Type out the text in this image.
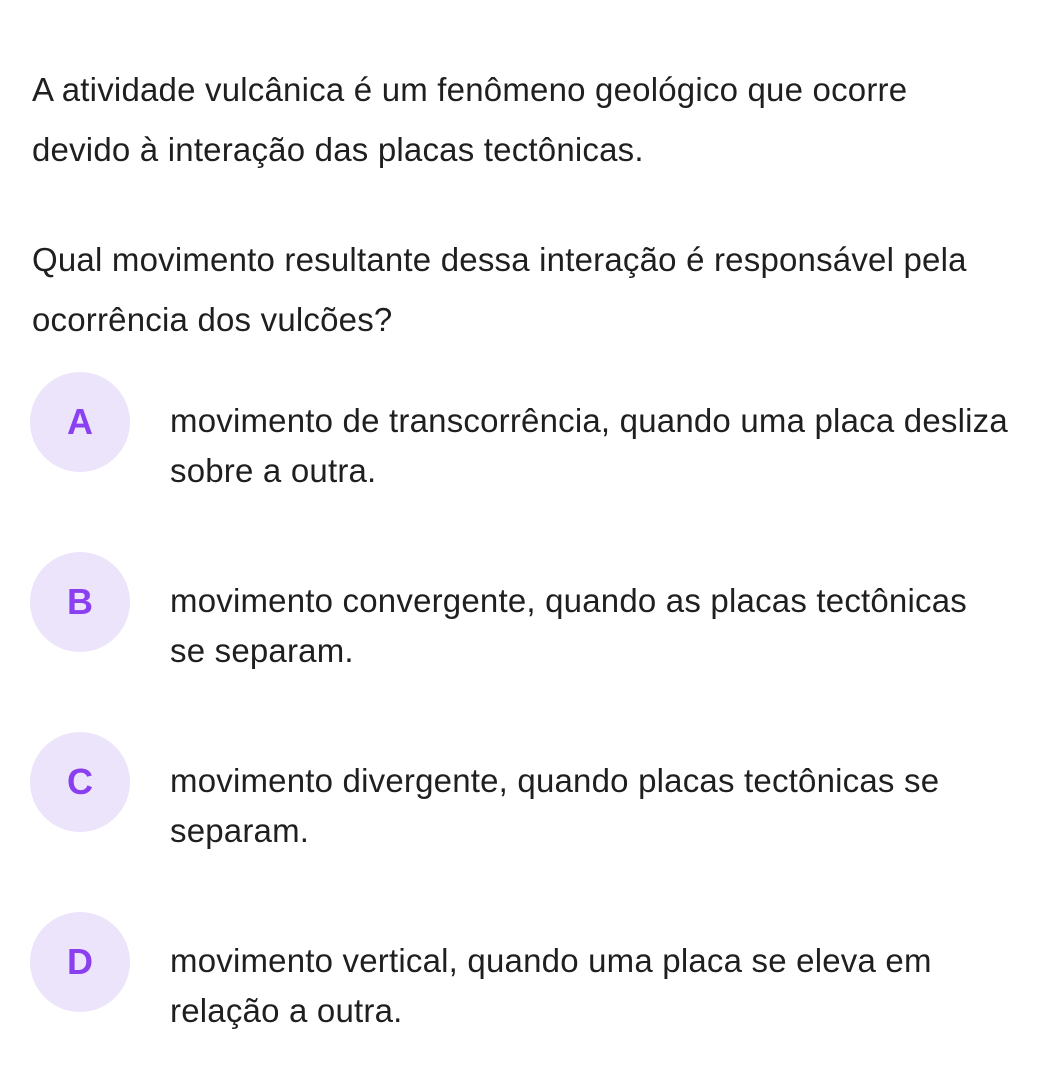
A atividade vulcânica é um fenômeno geológico que ocorre devido à interação das placas tectônicas.

Qual movimento resultante dessa interação é responsável pela ocorrência dos vulcões?

A	movimento de transcorrência, quando uma placa desliza sobre a outra.
B	movimento convergente, quando as placas tectônicas se separam.
C	movimento divergente, quando placas tectônicas se separam.
D	movimento vertical, quando uma placa se eleva em relação a outra.
